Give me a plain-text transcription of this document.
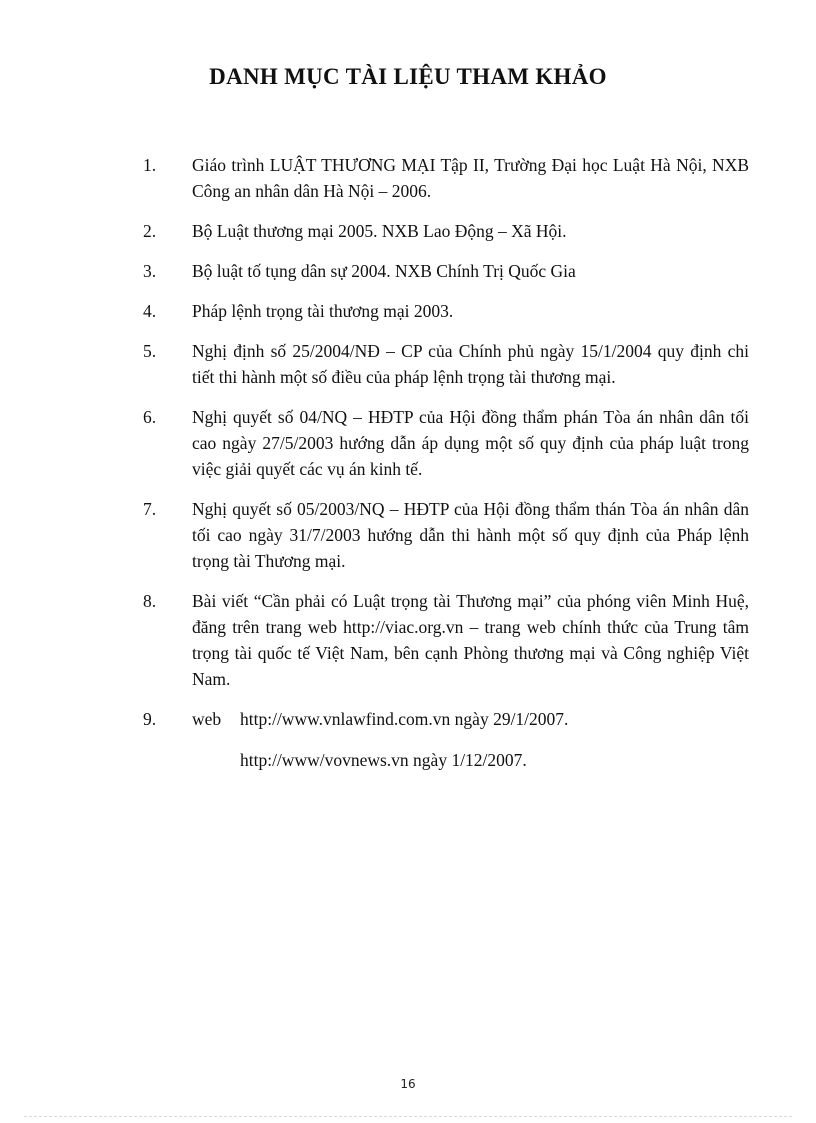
DANH MỤC TÀI LIỆU THAM KHẢO
1.	Giáo trình LUẬT THƯƠNG MẠI Tập II, Trường Đại học Luật Hà Nội, NXB Công an nhân dân Hà Nội – 2006.
2.	Bộ Luật thương mại 2005. NXB Lao Động – Xã Hội.
3.	Bộ luật tố tụng dân sự 2004. NXB Chính Trị Quốc Gia
4.	Pháp lệnh trọng tài thương mại 2003.
5.	Nghị định số 25/2004/NĐ – CP của Chính phủ ngày 15/1/2004 quy định chi tiết thi hành một số điều của pháp lệnh trọng tài thương mại.
6.	Nghị quyết số 04/NQ – HĐTP của Hội đồng thẩm phán Tòa án nhân dân tối cao ngày 27/5/2003 hướng dẫn áp dụng một số quy định của pháp luật trong việc giải quyết các vụ án kinh tế.
7.	Nghị quyết số 05/2003/NQ – HĐTP của Hội đồng thẩm thán Tòa án nhân dân tối cao ngày 31/7/2003 hướng dẫn thi hành một số quy định của Pháp lệnh trọng tài Thương mại.
8.	Bài viết “Cần phải có Luật trọng tài Thương mại” của phóng viên Minh Huệ, đăng trên trang web http://viac.org.vn – trang web chính thức của Trung tâm trọng tài quốc tế Việt Nam, bên cạnh Phòng thương mại và Công nghiệp Việt Nam.
9.	web	http://www.vnlawfind.com.vn ngày 29/1/2007.
http://www/vovnews.vn ngày 1/12/2007.
16
